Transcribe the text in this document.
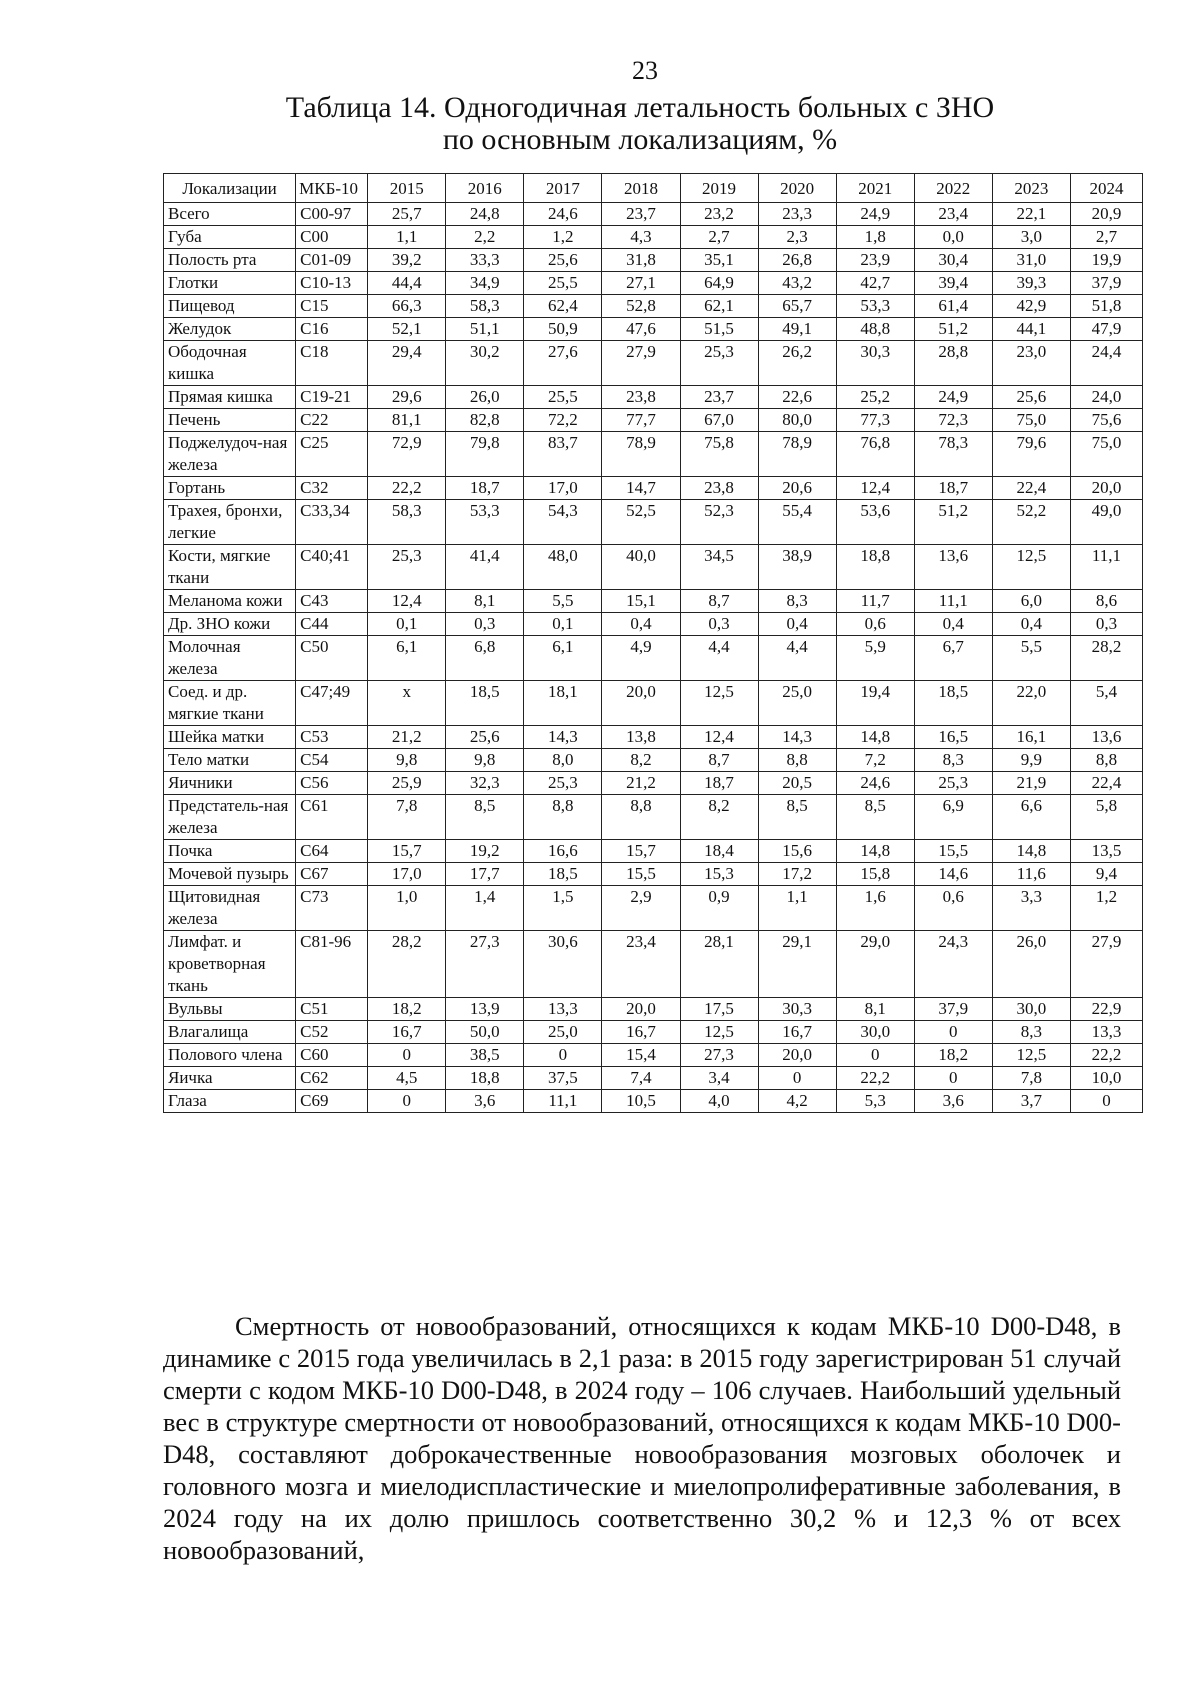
23
Таблица 14. Одногодичная летальность больных с ЗНО
по основным локализациям, %
Локализации	МКБ-10	2015	2016	2017	2018	2019	2020	2021	2022	2023	2024
Всего	С00-97	25,7	24,8	24,6	23,7	23,2	23,3	24,9	23,4	22,1	20,9
Губа	С00	1,1	2,2	1,2	4,3	2,7	2,3	1,8	0,0	3,0	2,7
Полость рта	С01-09	39,2	33,3	25,6	31,8	35,1	26,8	23,9	30,4	31,0	19,9
Глотки	С10-13	44,4	34,9	25,5	27,1	64,9	43,2	42,7	39,4	39,3	37,9
Пищевод	С15	66,3	58,3	62,4	52,8	62,1	65,7	53,3	61,4	42,9	51,8
Желудок	С16	52,1	51,1	50,9	47,6	51,5	49,1	48,8	51,2	44,1	47,9
Ободочная кишка	С18	29,4	30,2	27,6	27,9	25,3	26,2	30,3	28,8	23,0	24,4
Прямая кишка	С19-21	29,6	26,0	25,5	23,8	23,7	22,6	25,2	24,9	25,6	24,0
Печень	С22	81,1	82,8	72,2	77,7	67,0	80,0	77,3	72,3	75,0	75,6
Поджелудоч-ная железа	С25	72,9	79,8	83,7	78,9	75,8	78,9	76,8	78,3	79,6	75,0
Гортань	С32	22,2	18,7	17,0	14,7	23,8	20,6	12,4	18,7	22,4	20,0
Трахея, бронхи, легкие	С33,34	58,3	53,3	54,3	52,5	52,3	55,4	53,6	51,2	52,2	49,0
Кости, мягкие ткани	С40;41	25,3	41,4	48,0	40,0	34,5	38,9	18,8	13,6	12,5	11,1
Меланома кожи	С43	12,4	8,1	5,5	15,1	8,7	8,3	11,7	11,1	6,0	8,6
Др. ЗНО кожи	С44	0,1	0,3	0,1	0,4	0,3	0,4	0,6	0,4	0,4	0,3
Молочная железа	С50	6,1	6,8	6,1	4,9	4,4	4,4	5,9	6,7	5,5	28,2
Соед. и др. мягкие ткани	С47;49	х	18,5	18,1	20,0	12,5	25,0	19,4	18,5	22,0	5,4
Шейка матки	С53	21,2	25,6	14,3	13,8	12,4	14,3	14,8	16,5	16,1	13,6
Тело матки	С54	9,8	9,8	8,0	8,2	8,7	8,8	7,2	8,3	9,9	8,8
Яичники	С56	25,9	32,3	25,3	21,2	18,7	20,5	24,6	25,3	21,9	22,4
Предстатель-ная железа	С61	7,8	8,5	8,8	8,8	8,2	8,5	8,5	6,9	6,6	5,8
Почка	С64	15,7	19,2	16,6	15,7	18,4	15,6	14,8	15,5	14,8	13,5
Мочевой пузырь	С67	17,0	17,7	18,5	15,5	15,3	17,2	15,8	14,6	11,6	9,4
Щитовидная железа	С73	1,0	1,4	1,5	2,9	0,9	1,1	1,6	0,6	3,3	1,2
Лимфат. и кроветворная ткань	С81-96	28,2	27,3	30,6	23,4	28,1	29,1	29,0	24,3	26,0	27,9
Вульвы	С51	18,2	13,9	13,3	20,0	17,5	30,3	8,1	37,9	30,0	22,9
Влагалища	С52	16,7	50,0	25,0	16,7	12,5	16,7	30,0	0	8,3	13,3
Полового члена	С60	0	38,5	0	15,4	27,3	20,0	0	18,2	12,5	22,2
Яичка	С62	4,5	18,8	37,5	7,4	3,4	0	22,2	0	7,8	10,0
Глаза	С69	0	3,6	11,1	10,5	4,0	4,2	5,3	3,6	3,7	0

Смертность от новообразований, относящихся к кодам МКБ-10 D00-D48, в динамике с 2015 года увеличилась в 2,1 раза: в 2015 году зарегистрирован 51 случай смерти с кодом МКБ-10 D00-D48, в 2024 году – 106 случаев. Наибольший удельный вес в структуре смертности от новообразований, относящихся к кодам МКБ-10 D00-D48, составляют доброкачественные новообразования мозговых оболочек и головного мозга и миелодиспластические и миелопролиферативные заболевания, в 2024 году на их долю пришлось соответственно 30,2 % и 12,3 % от всех новообразований,
